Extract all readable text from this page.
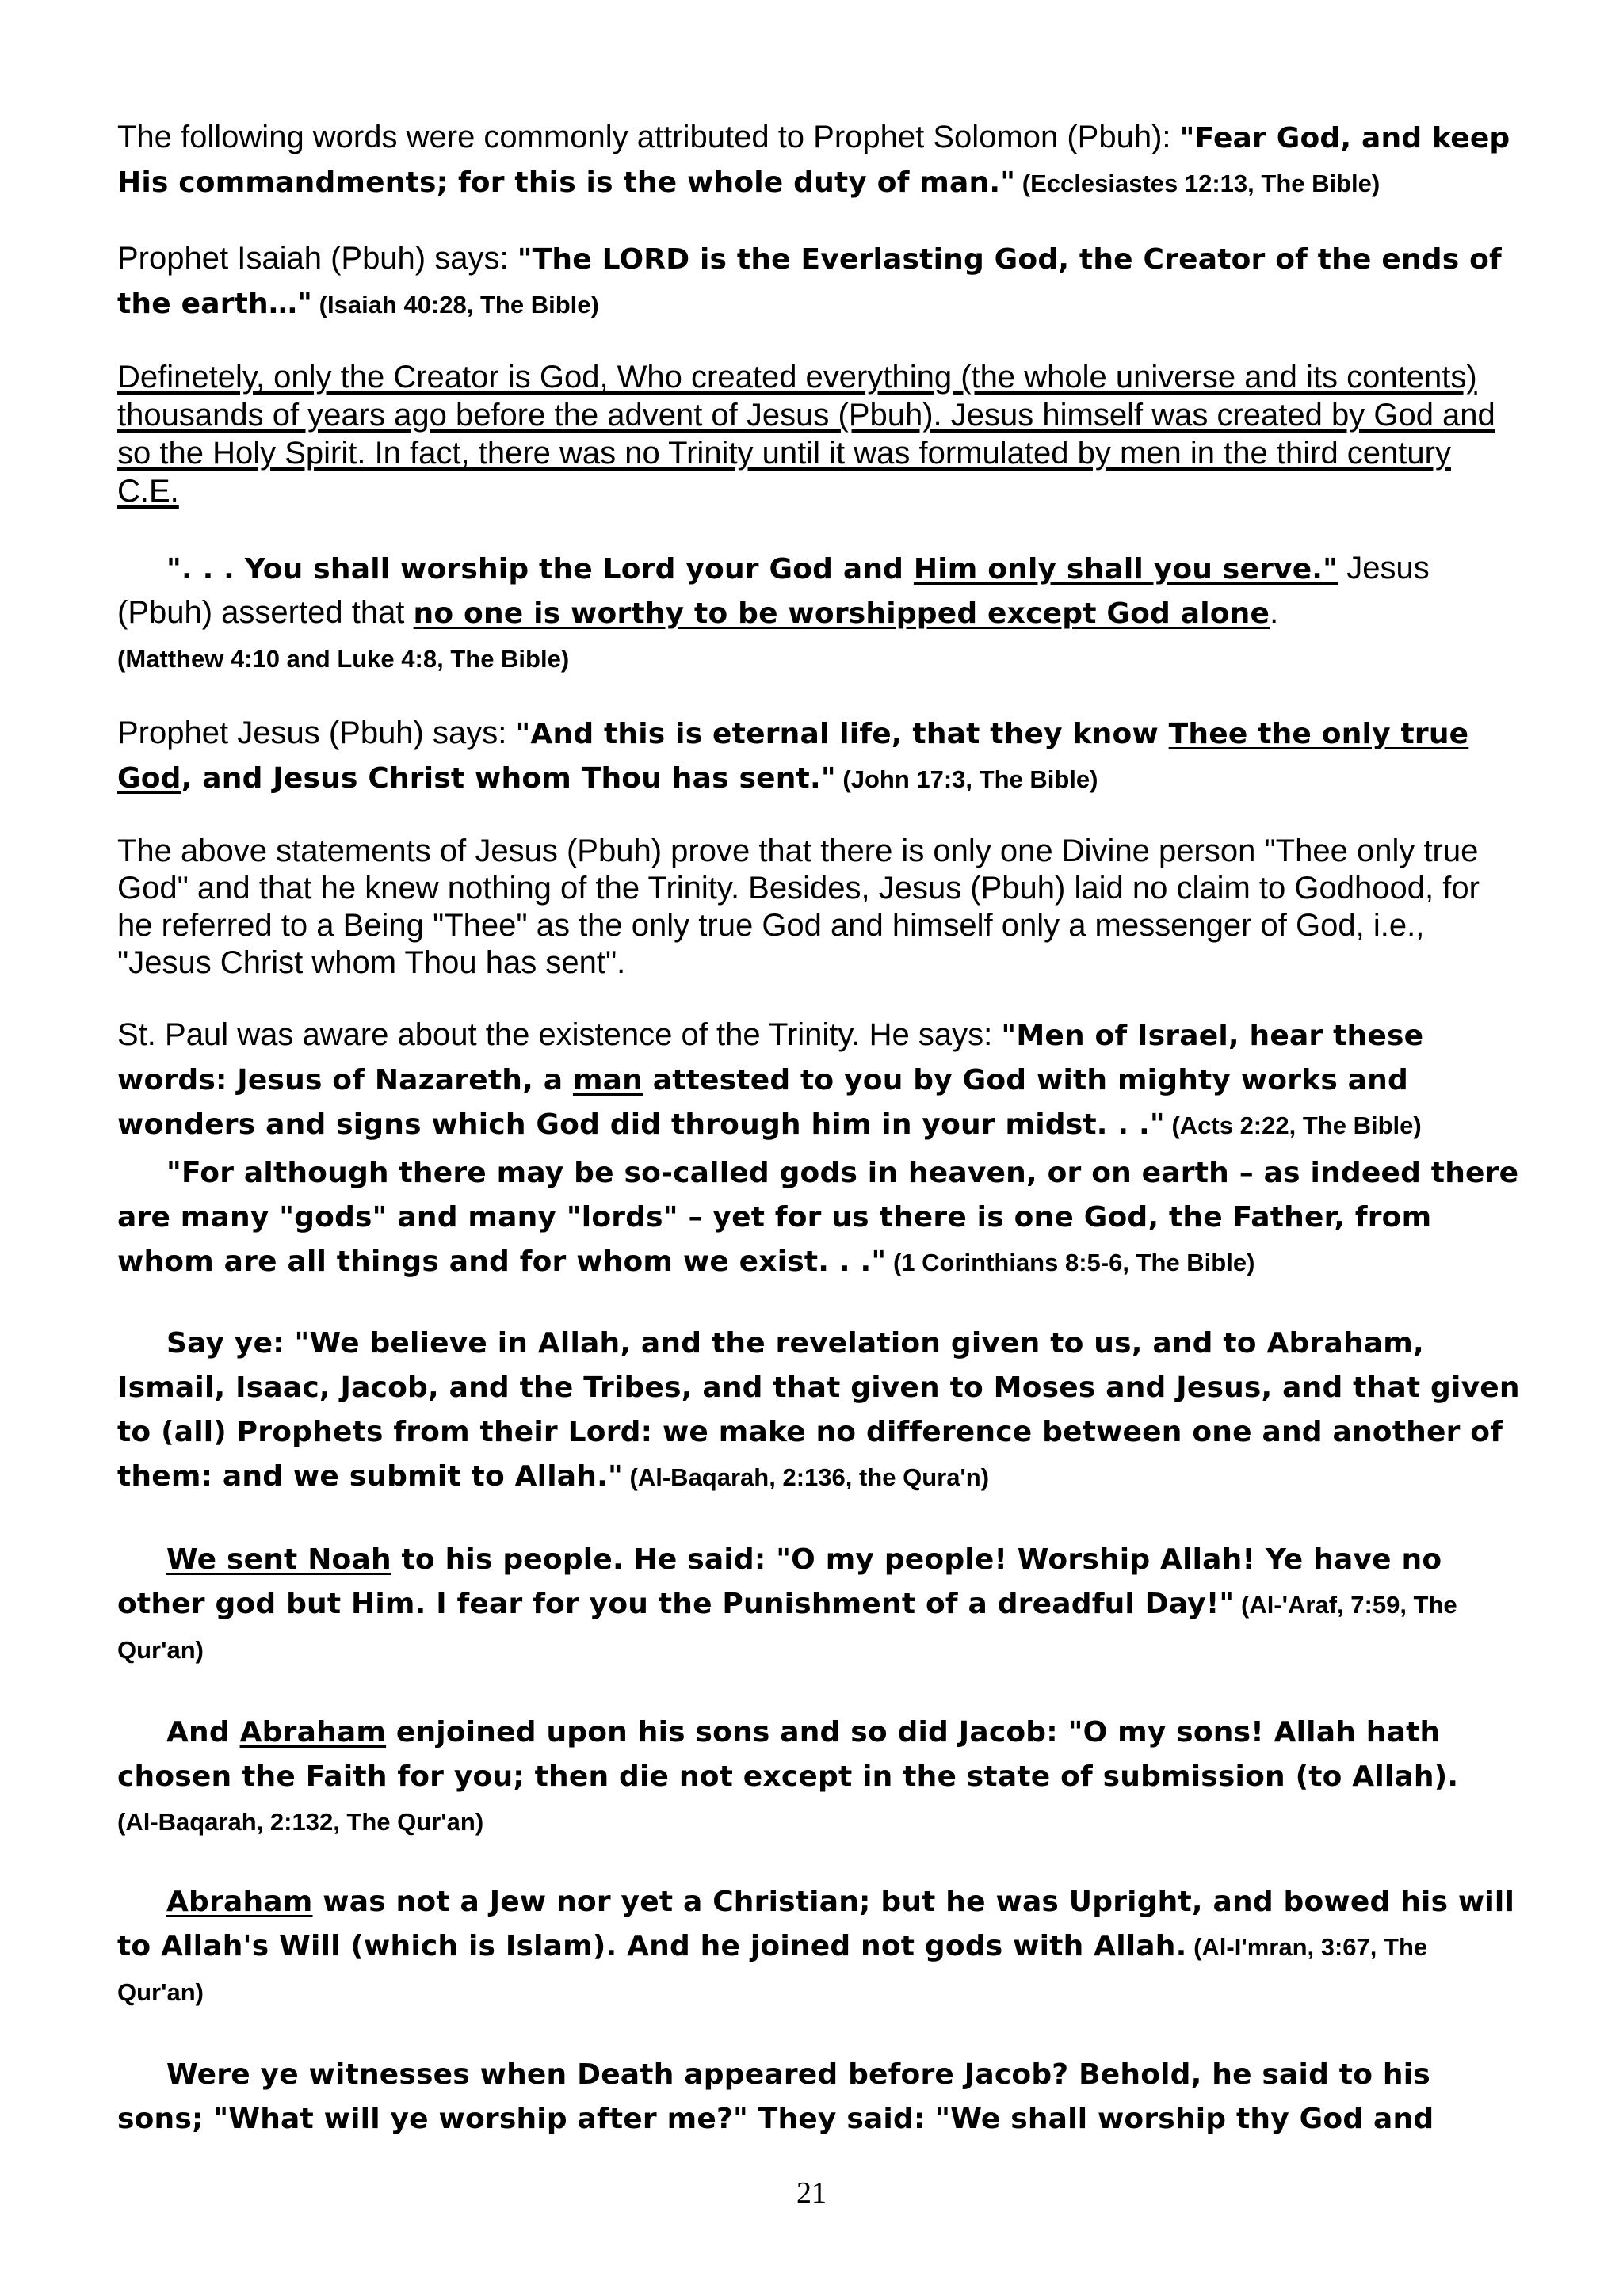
The following words were commonly attributed to Prophet Solomon (Pbuh): "Fear God, and keep His commandments; for this is the whole duty of man." (Ecclesiastes 12:13, The Bible)

Prophet Isaiah (Pbuh) says: "The LORD is the Everlasting God, the Creator of the ends of the earth…" (Isaiah 40:28, The Bible)

Definetely, only the Creator is God, Who created everything (the whole universe and its contents) thousands of years ago before the advent of Jesus (Pbuh). Jesus himself was created by God and so the Holy Spirit. In fact, there was no Trinity until it was formulated by men in the third century C.E.

". . . You shall worship the Lord your God and Him only shall you serve." Jesus (Pbuh) asserted that no one is worthy to be worshipped except God alone.
(Matthew 4:10 and Luke 4:8, The Bible)

Prophet Jesus (Pbuh) says: "And this is eternal life, that they know Thee the only true God, and Jesus Christ whom Thou has sent." (John 17:3, The Bible)

The above statements of Jesus (Pbuh) prove that there is only one Divine person "Thee only true God" and that he knew nothing of the Trinity. Besides, Jesus (Pbuh) laid no claim to Godhood, for he referred to a Being "Thee" as the only true God and himself only a messenger of God, i.e., "Jesus Christ whom Thou has sent".

St. Paul was aware about the existence of the Trinity. He says: "Men of Israel, hear these words: Jesus of Nazareth, a man attested to you by God with mighty works and wonders and signs which God did through him in your midst. . ." (Acts 2:22, The Bible)

"For although there may be so-called gods in heaven, or on earth – as indeed there are many "gods" and many "lords" – yet for us there is one God, the Father, from whom are all things and for whom we exist. . ." (1 Corinthians 8:5-6, The Bible)

Say ye: "We believe in Allah, and the revelation given to us, and to Abraham, Ismail, Isaac, Jacob, and the Tribes, and that given to Moses and Jesus, and that given to (all) Prophets from their Lord: we make no difference between one and another of them: and we submit to Allah." (Al-Baqarah, 2:136, the Qura'n)

We sent Noah to his people. He said: "O my people! Worship Allah! Ye have no other god but Him. I fear for you the Punishment of a dreadful Day!" (Al-'Araf, 7:59, The Qur'an)

And Abraham enjoined upon his sons and so did Jacob: "O my sons! Allah hath chosen the Faith for you; then die not except in the state of submission (to Allah).
(Al-Baqarah, 2:132, The Qur'an)

Abraham was not a Jew nor yet a Christian; but he was Upright, and bowed his will to Allah's Will (which is Islam). And he joined not gods with Allah. (Al-I'mran, 3:67, The Qur'an)

Were ye witnesses when Death appeared before Jacob? Behold, he said to his sons; "What will ye worship after me?" They said: "We shall worship thy God and

21
